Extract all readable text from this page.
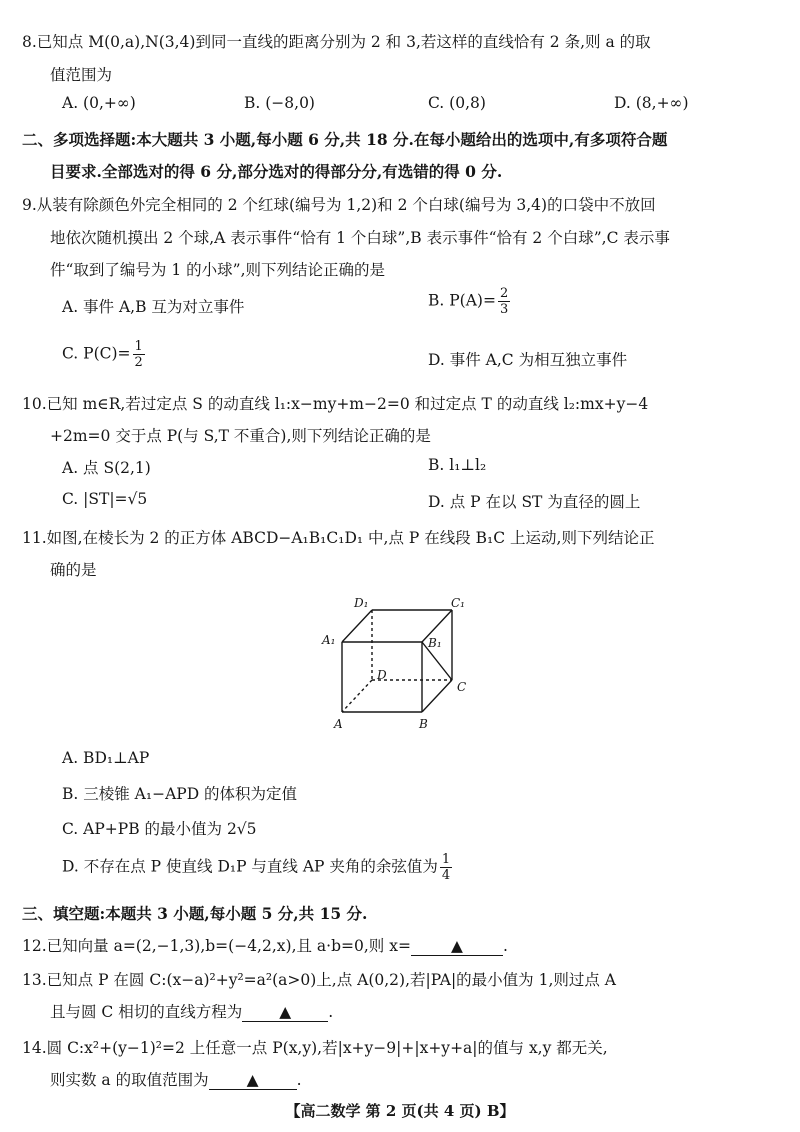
8.已知点 M(0,a),N(3,4)到同一直线的距离分别为 2 和 3,若这样的直线恰有 2 条,则 a 的取
值范围为
A. (0,+∞)	B. (−8,0)	C. (0,8)	D. (8,+∞)
二、多项选择题:本大题共 3 小题,每小题 6 分,共 18 分.在每小题给出的选项中,有多项符合题
目要求.全部选对的得 6 分,部分选对的得部分分,有选错的得 0 分.
9.从装有除颜色外完全相同的 2 个红球(编号为 1,2)和 2 个白球(编号为 3,4)的口袋中不放回
地依次随机摸出 2 个球,A 表示事件“恰有 1 个白球”,B 表示事件“恰有 2 个白球”,C 表示事
件“取到了编号为 1 的小球”,则下列结论正确的是
A. 事件 A,B 互为对立事件	B. $P(A)= \frac{2}{3}$
C. $P(C)= \frac{1}{2}$	D. 事件 A,C 为相互独立事件
10.已知 m∈R,若过定点 S 的动直线 l₁:x−my+m−2=0 和过定点 T 的动直线 l₂:mx+y−4
+2m=0 交于点 P(与 S,T 不重合),则下列结论正确的是
A. 点 S(2,1)	B. l₁⊥l₂
C. |ST|=√5	D. 点 P 在以 ST 为直径的圆上
11.如图,在棱长为 2 的正方体 ABCD−A₁B₁C₁D₁ 中,点 P 在线段 B₁C 上运动,则下列结论正
确的是
D₁	C₁
A₁	B₁
D
C
A	B
A. BD₁⊥AP
B. 三棱锥 A₁−APD 的体积为定值
C. AP+PB 的最小值为 2√5
D. 不存在点 P 使直线 D₁P 与直线 AP 夹角的余弦值为 $\frac{1}{4}$
三、填空题:本题共 3 小题,每小题 5 分,共 15 分.
12.已知向量 a=(2,−1,3),b=(−4,2,x),且 a·b=0,则 x=	▲	.
13.已知点 P 在圆 C:(x−a)²+y²=a²(a>0)上,点 A(0,2),若|PA|的最小值为 1,则过点 A
且与圆 C 相切的直线方程为 ▲ .
14.圆 C:x²+(y−1)²=2 上任意一点 P(x,y),若|x+y−9|+|x+y+a|的值与 x,y 都无关,
则实数 a 的取值范围为 ▲ .
【高二数学 第 2 页(共 4 页) B】
